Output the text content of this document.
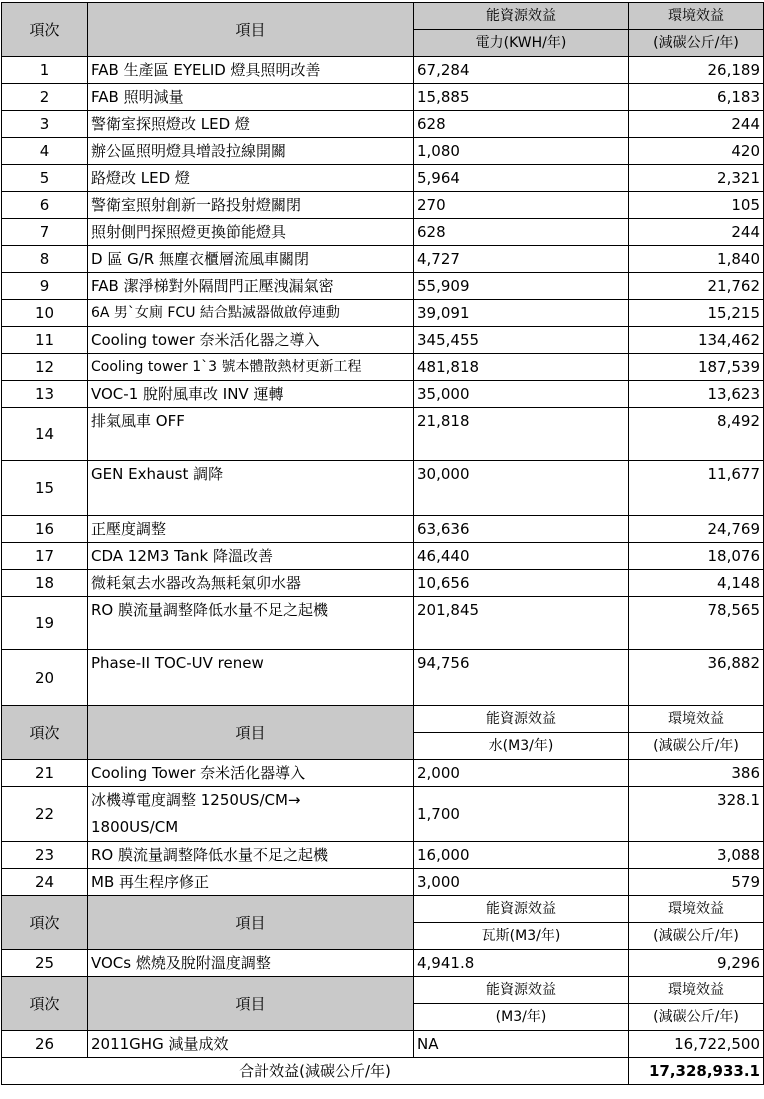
項次	項目	能資源效益	環境效益
		電力(KWH/年)	(減碳公斤/年)
1	FAB 生產區 EYELID 燈具照明改善	67,284	26,189
2	FAB 照明減量	15,885	6,183
3	警衛室探照燈改 LED 燈	628	244
4	辦公區照明燈具增設拉線開關	1,080	420
5	路燈改 LED 燈	5,964	2,321
6	警衛室照射創新一路投射燈關閉	270	105
7	照射側門探照燈更換節能燈具	628	244
8	D 區 G/R 無塵衣櫃層流風車關閉	4,727	1,840
9	FAB 潔淨梯對外隔間門正壓洩漏氣密	55,909	21,762
10	6A 男`女廁 FCU 結合點滅器做啟停連動	39,091	15,215
11	Cooling tower 奈米活化器之導入	345,455	134,462
12	Cooling tower 1`3 號本體散熱材更新工程	481,818	187,539
13	VOC-1 脫附風車改 INV 運轉	35,000	13,623
14	排氣風車 OFF	21,818	8,492
15	GEN Exhaust 調降	30,000	11,677
16	正壓度調整	63,636	24,769
17	CDA 12M3 Tank 降溫改善	46,440	18,076
18	微耗氣去水器改為無耗氣卯水器	10,656	4,148
19	RO 膜流量調整降低水量不足之起機	201,845	78,565
20	Phase-II TOC-UV renew	94,756	36,882
項次	項目	能資源效益	環境效益
		水(M3/年)	(減碳公斤/年)
21	Cooling Tower 奈米活化器導入	2,000	386
22	冰機導電度調整 1250US/CM→
1800US/CM	1,700	328.1
23	RO 膜流量調整降低水量不足之起機	16,000	3,088
24	MB 再生程序修正	3,000	579
項次	項目	能資源效益	環境效益
		瓦斯(M3/年)	(減碳公斤/年)
25	VOCs 燃燒及脫附溫度調整	4,941.8	9,296
項次	項目	能資源效益	環境效益
		(M3/年)	(減碳公斤/年)
26	2011GHG 減量成效	NA	16,722,500
合計效益(減碳公斤/年)			17,328,933.1
